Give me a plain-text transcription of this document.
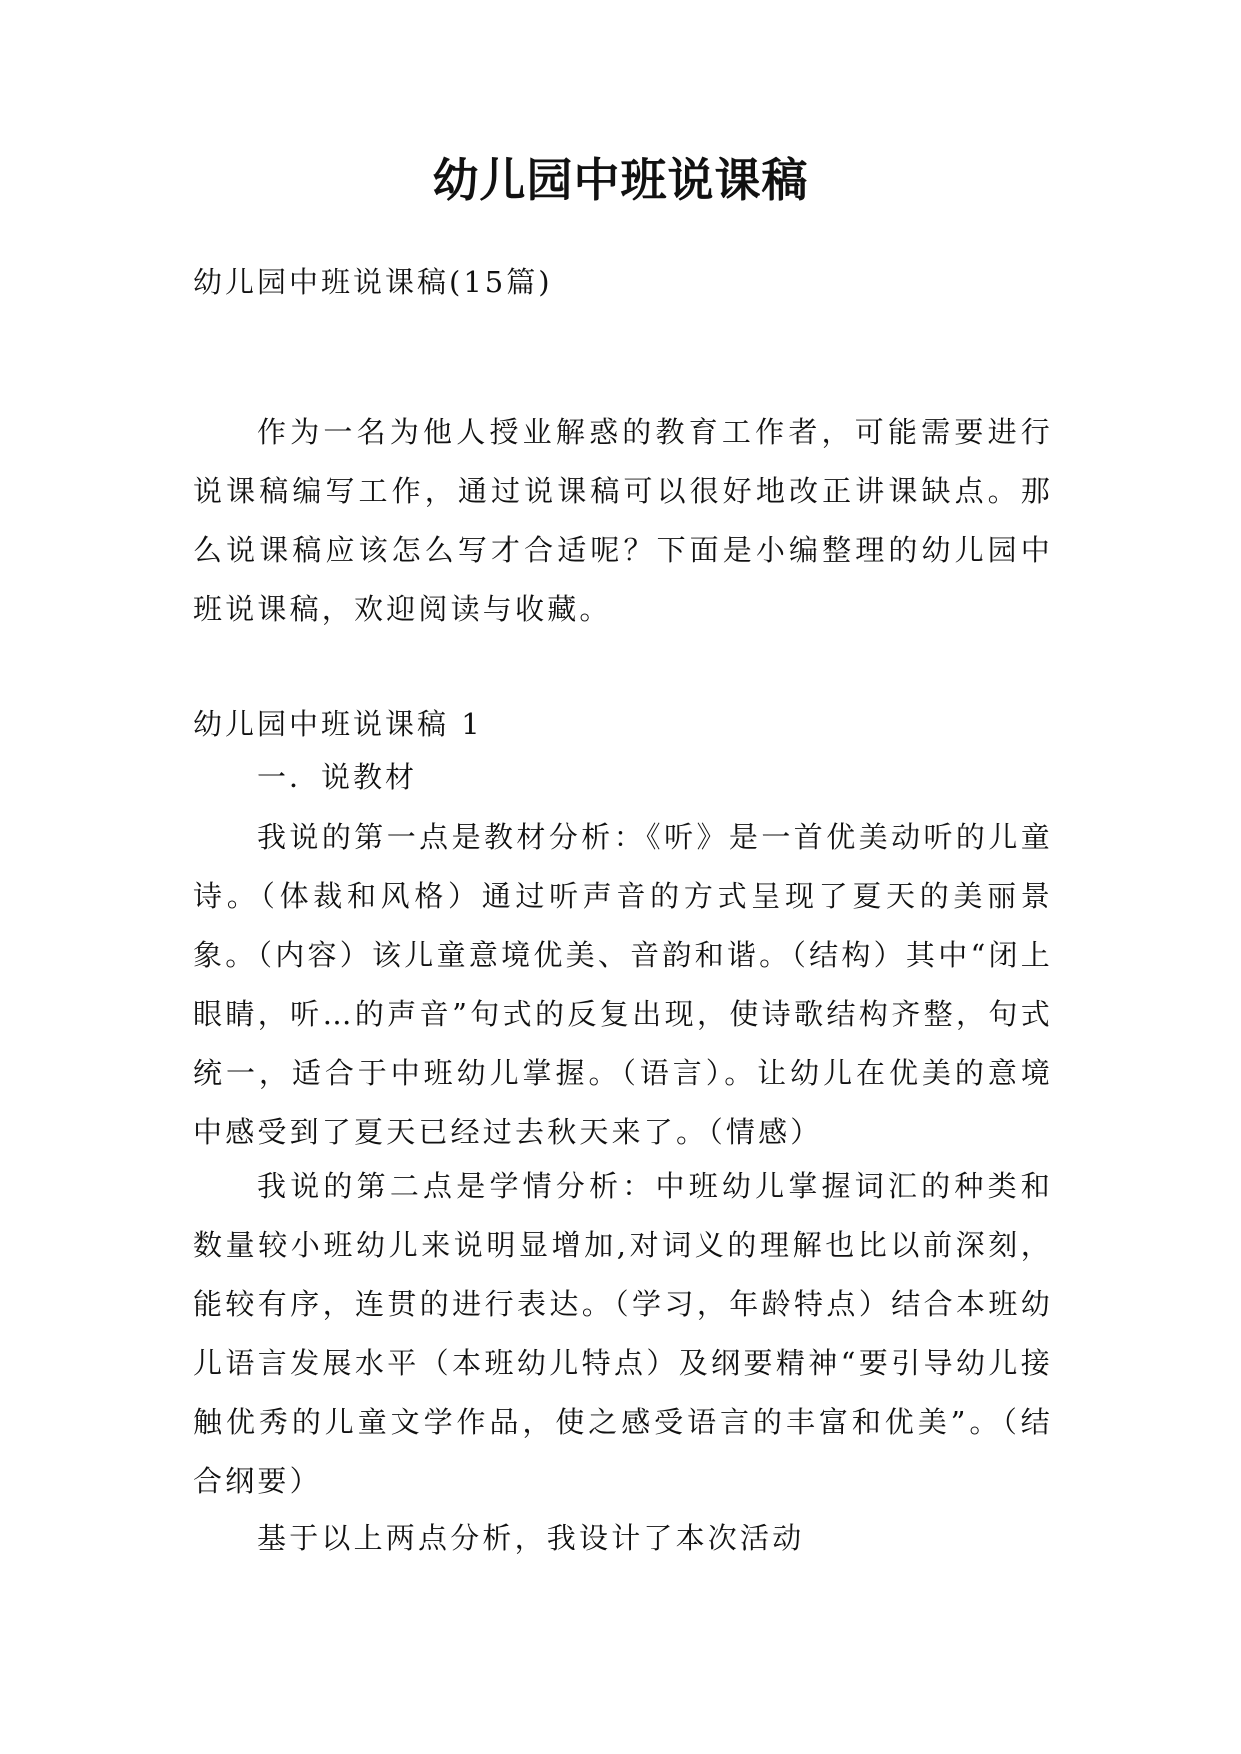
幼儿园中班说课稿

幼儿园中班说课稿(15篇)

作为一名为他人授业解惑的教育工作者，可能需要进行说课稿编写工作，通过说课稿可以很好地改正讲课缺点。那么说课稿应该怎么写才合适呢？下面是小编整理的幼儿园中班说课稿，欢迎阅读与收藏。

幼儿园中班说课稿 1

一．说教材

我说的第一点是教材分析：《听》是一首优美动听的儿童诗。（体裁和风格）通过听声音的方式呈现了夏天的美丽景象。（内容）该儿童意境优美、音韵和谐。（结构）其中“闭上眼睛，听…的声音”句式的反复出现，使诗歌结构齐整，句式统一，适合于中班幼儿掌握。（语言）。让幼儿在优美的意境中感受到了夏天已经过去秋天来了。（情感）

我说的第二点是学情分析：中班幼儿掌握词汇的种类和数量较小班幼儿来说明显增加,对词义的理解也比以前深刻，能较有序，连贯的进行表达。（学习，年龄特点）结合本班幼儿语言发展水平（本班幼儿特点）及纲要精神“要引导幼儿接触优秀的儿童文学作品，使之感受语言的丰富和优美”。（结合纲要）

基于以上两点分析，我设计了本次活动
